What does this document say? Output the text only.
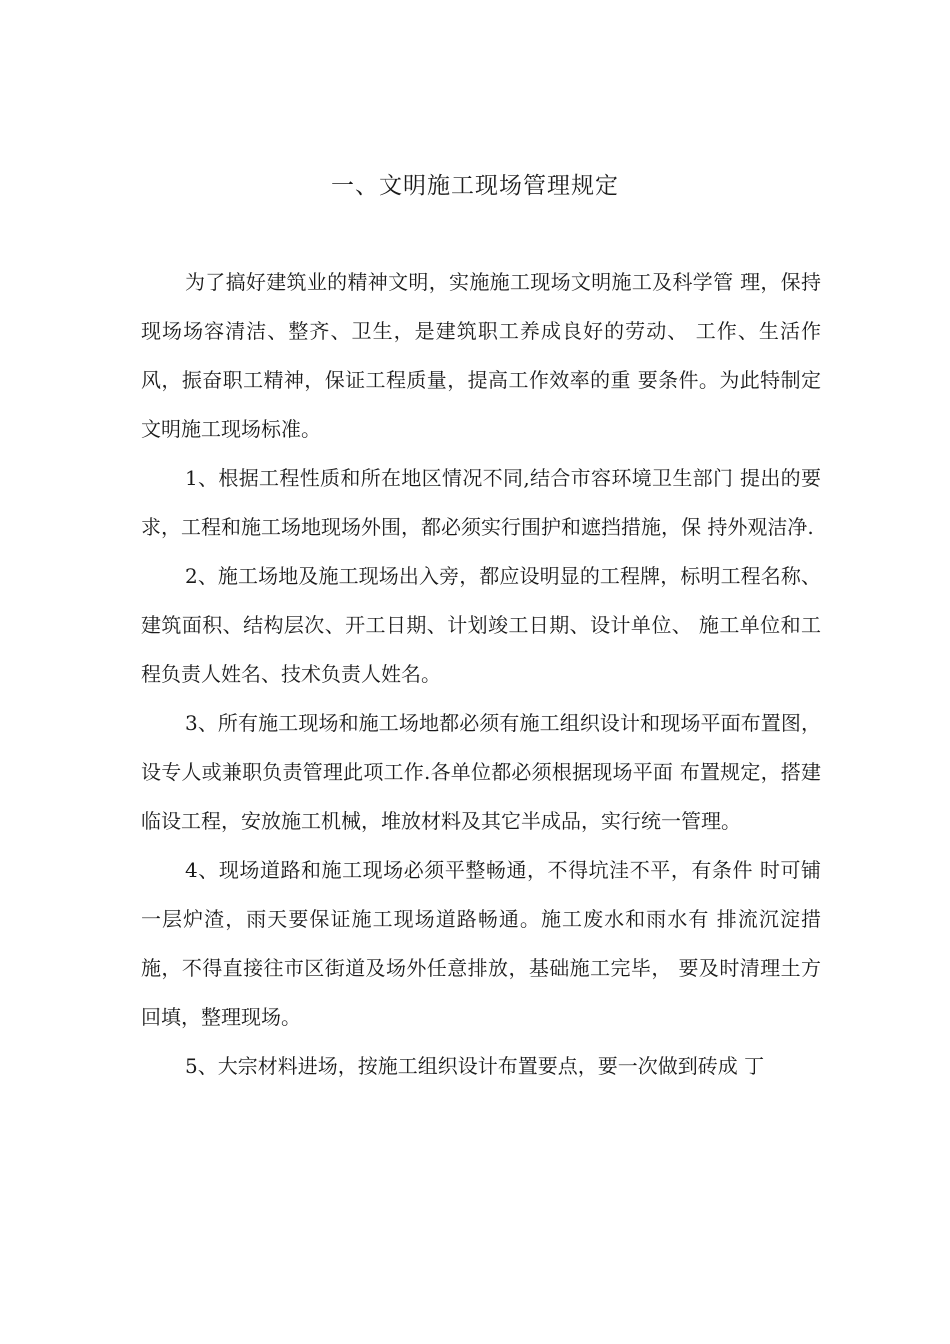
一、文明施工现场管理规定

为了搞好建筑业的精神文明，实施施工现场文明施工及科学管 理，保持现场场容清洁、整齐、卫生，是建筑职工养成良好的劳动、 工作、生活作风，振奋职工精神，保证工程质量，提高工作效率的重 要条件。为此特制定文明施工现场标准。

1、根据工程性质和所在地区情况不同,结合市容环境卫生部门 提出的要求，工程和施工场地现场外围，都必须实行围护和遮挡措施，保 持外观洁净.

2、施工场地及施工现场出入旁，都应设明显的工程牌，标明工程名称、建筑面积、结构层次、开工日期、计划竣工日期、设计单位、 施工单位和工程负责人姓名、技术负责人姓名。

3、所有施工现场和施工场地都必须有施工组织设计和现场平面布置图，设专人或兼职负责管理此项工作.各单位都必须根据现场平面 布置规定，搭建临设工程，安放施工机械，堆放材料及其它半成品，实行统一管理。

4、现场道路和施工现场必须平整畅通，不得坑洼不平，有条件 时可铺一层炉渣，雨天要保证施工现场道路畅通。施工废水和雨水有 排流沉淀措施，不得直接往市区街道及场外任意排放，基础施工完毕， 要及时清理土方回填，整理现场。

5、大宗材料进场，按施工组织设计布置要点，要一次做到砖成 丁
